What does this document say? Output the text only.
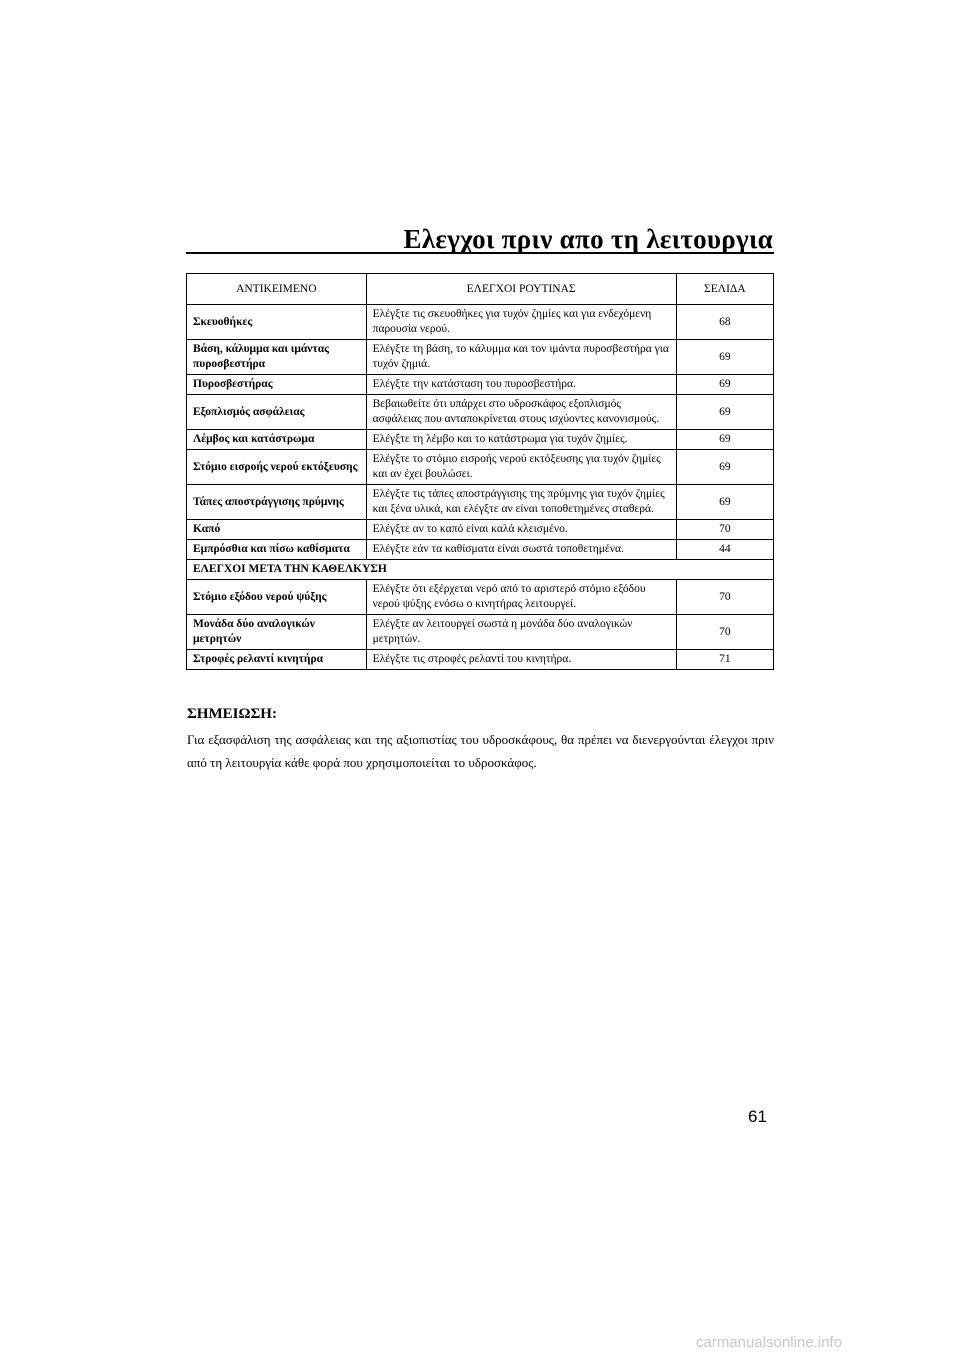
Ελεγχοι πριν απο τη λειτουργια
ΑΝΤΙΚΕΙΜΕΝΟ	ΕΛΕΓΧΟΙ ΡΟΥΤΙΝΑΣ	ΣΕΛΙΔΑ
Σκευοθήκες	Ελέγξτε τις σκευοθήκες για τυχόν ζημίες και για ενδεχόμενη παρουσία νερού.	68
Βάση, κάλυμμα και ιμάντας πυροσβεστήρα	Ελέγξτε τη βάση, το κάλυμμα και τον ιμάντα πυροσβεστήρα για τυχόν ζημιά.	69
Πυροσβεστήρας	Ελέγξτε την κατάσταση του πυροσβεστήρα.	69
Εξοπλισμός ασφάλειας	Βεβαιωθείτε ότι υπάρχει στο υδροσκάφος εξοπλισμός ασφάλειας που ανταποκρίνεται στους ισχύοντες κανονισμούς.	69
Λέμβος και κατάστρωμα	Ελέγξτε τη λέμβο και το κατάστρωμα για τυχόν ζημίες.	69
Στόμιο εισροής νερού εκτόξευσης	Ελέγξτε το στόμιο εισροής νερού εκτόξευσης για τυχόν ζημίες και αν έχει βουλώσει.	69
Τάπες αποστράγγισης πρύμνης	Ελέγξτε τις τάπες αποστράγγισης της πρύμνης για τυχόν ζημίες και ξένα υλικά, και ελέγξτε αν είναι τοποθετημένες σταθερά.	69
Καπό	Ελέγξτε αν το καπό είναι καλά κλεισμένο.	70
Εμπρόσθια και πίσω καθίσματα	Ελέγξτε εάν τα καθίσματα είναι σωστά τοποθετημένα.	44
ΕΛΕΓΧΟΙ ΜΕΤΑ ΤΗΝ ΚΑΘΕΛΚΥΣΗ		
Στόμιο εξόδου νερού ψύξης	Ελέγξτε ότι εξέρχεται νερό από το αριστερό στόμιο εξόδου νερού ψύξης ενόσω ο κινητήρας λειτουργεί.	70
Μονάδα δύο αναλογικών μετρητών	Ελέγξτε αν λειτουργεί σωστά η μονάδα δύο αναλογικών μετρητών.	70
Στροφές ρελαντί κινητήρα	Ελέγξτε τις στροφές ρελαντί του κινητήρα.	71
ΣΗΜΕΙΩΣΗ:
Για εξασφάλιση της ασφάλειας και της αξιοπιστίας του υδροσκάφους, θα πρέπει να διενεργούνται έλεγχοι πριν από τη λειτουργία κάθε φορά που χρησιμοποιείται το υδροσκάφος.
61
carmanualsonline.info
